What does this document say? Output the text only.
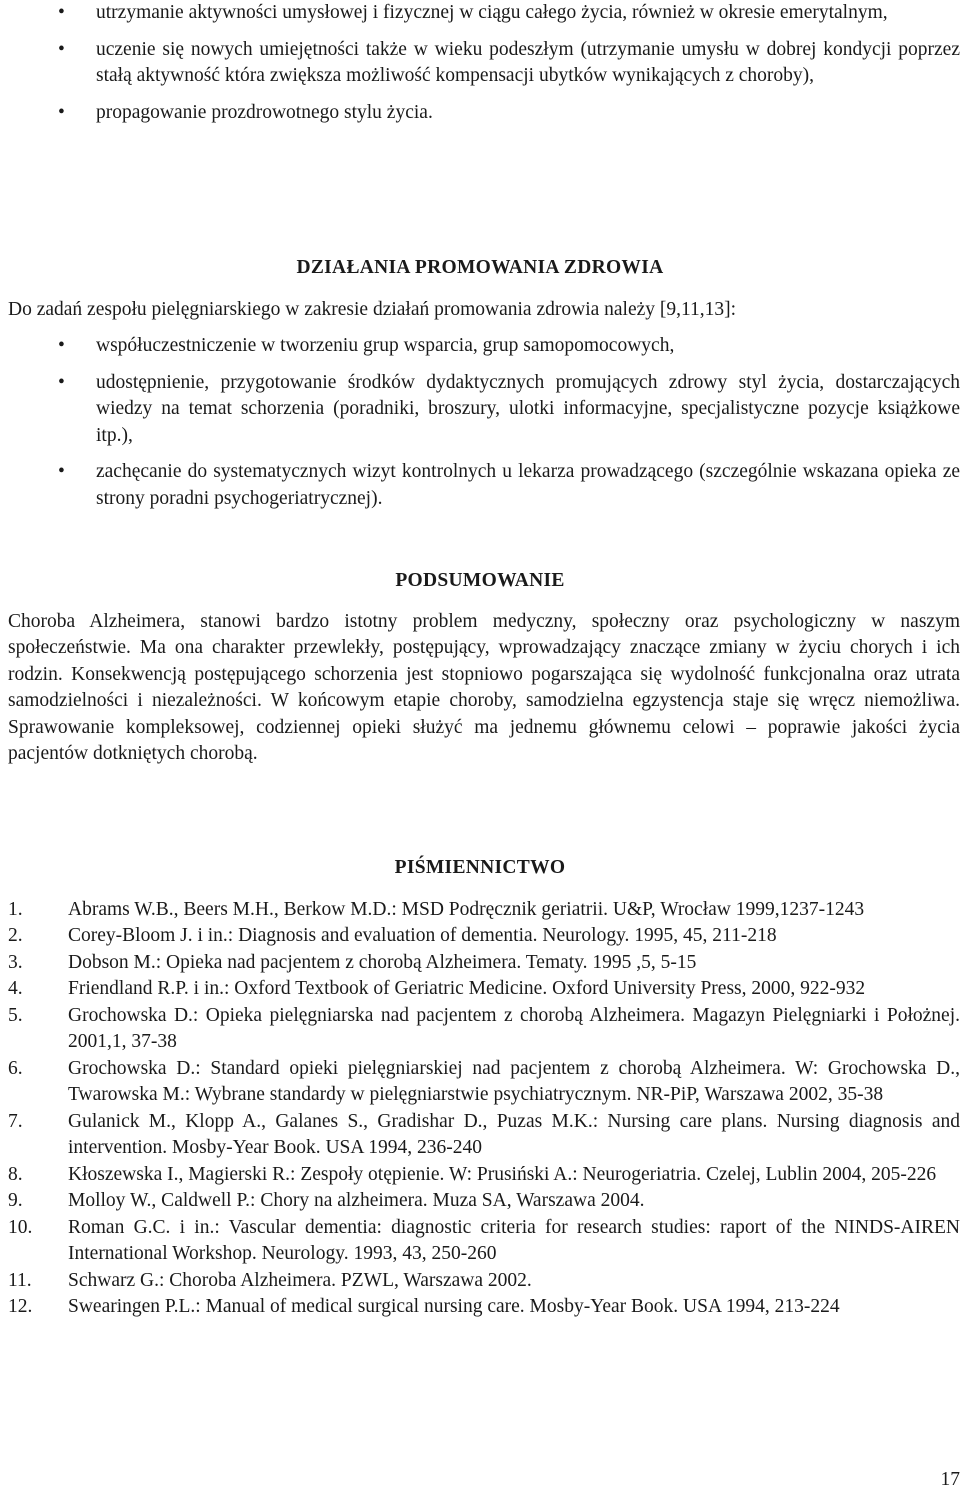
• utrzymanie aktywności umysłowej i fizycznej w ciągu całego życia, również w okresie emerytalnym,
• uczenie się nowych umiejętności także w wieku podeszłym (utrzymanie umysłu w dobrej kondycji poprzez stałą aktywność która zwiększa możliwość kompensacji ubytków wynikających z choroby),
• propagowanie prozdrowotnego stylu życia.
DZIAŁANIA PROMOWANIA ZDROWIA
Do zadań zespołu pielęgniarskiego w zakresie działań promowania zdrowia należy [9,11,13]:
• współuczestniczenie w tworzeniu grup wsparcia, grup samopomocowych,
• udostępnienie, przygotowanie środków dydaktycznych promujących zdrowy styl życia, dostarczających wiedzy na temat schorzenia (poradniki, broszury, ulotki informacyjne, specjalistyczne pozycje książkowe itp.),
• zachęcanie do systematycznych wizyt kontrolnych u lekarza prowadzącego (szczególnie wskazana opieka ze strony poradni psychogeriatrycznej).
PODSUMOWANIE
Choroba Alzheimera, stanowi bardzo istotny problem medyczny, społeczny oraz psychologiczny w naszym społeczeństwie. Ma ona charakter przewlekły, postępujący, wprowadzający znaczące zmiany w życiu chorych i ich rodzin. Konsekwencją postępującego schorzenia jest stopniowo pogarszająca się wydolność funkcjonalna oraz utrata samodzielności i niezależności. W końcowym etapie choroby, samodzielna egzystencja staje się wręcz niemożliwa. Sprawowanie kompleksowej, codziennej opieki służyć ma jednemu głównemu celowi – poprawie jakości życia pacjentów dotkniętych chorobą.
PIŚMIENNICTWO
1. Abrams W.B., Beers M.H., Berkow M.D.: MSD Podręcznik geriatrii. U&P, Wrocław 1999,1237-1243
2. Corey-Bloom J. i in.: Diagnosis and evaluation of dementia. Neurology. 1995, 45, 211-218
3. Dobson M.: Opieka nad pacjentem z chorobą Alzheimera. Tematy. 1995 ,5, 5-15
4. Friendland R.P. i in.: Oxford Textbook of Geriatric Medicine. Oxford University Press, 2000, 922-932
5. Grochowska D.: Opieka pielęgniarska nad pacjentem z chorobą Alzheimera. Magazyn Pielęgniarki i Położnej. 2001,1, 37-38
6. Grochowska D.: Standard opieki pielęgniarskiej nad pacjentem z chorobą Alzheimera. W: Grochowska D., Twarowska M.: Wybrane standardy w pielęgniarstwie psychiatrycznym. NR-PiP, Warszawa 2002, 35-38
7. Gulanick M., Klopp A., Galanes S., Gradishar D., Puzas M.K.: Nursing care plans. Nursing diagnosis and intervention. Mosby-Year Book. USA 1994, 236-240
8. Kłoszewska I., Magierski R.: Zespoły otępienie. W: Prusiński A.: Neurogeriatria. Czelej, Lublin 2004, 205-226
9. Molloy W., Caldwell P.: Chory na alzheimera. Muza SA, Warszawa 2004.
10. Roman G.C. i in.: Vascular dementia: diagnostic criteria for research studies: raport of the NINDS-AIREN International Workshop. Neurology. 1993, 43, 250-260
11. Schwarz G.: Choroba Alzheimera. PZWL, Warszawa 2002.
12. Swearingen P.L.: Manual of medical surgical nursing care. Mosby-Year Book. USA 1994, 213-224
17
